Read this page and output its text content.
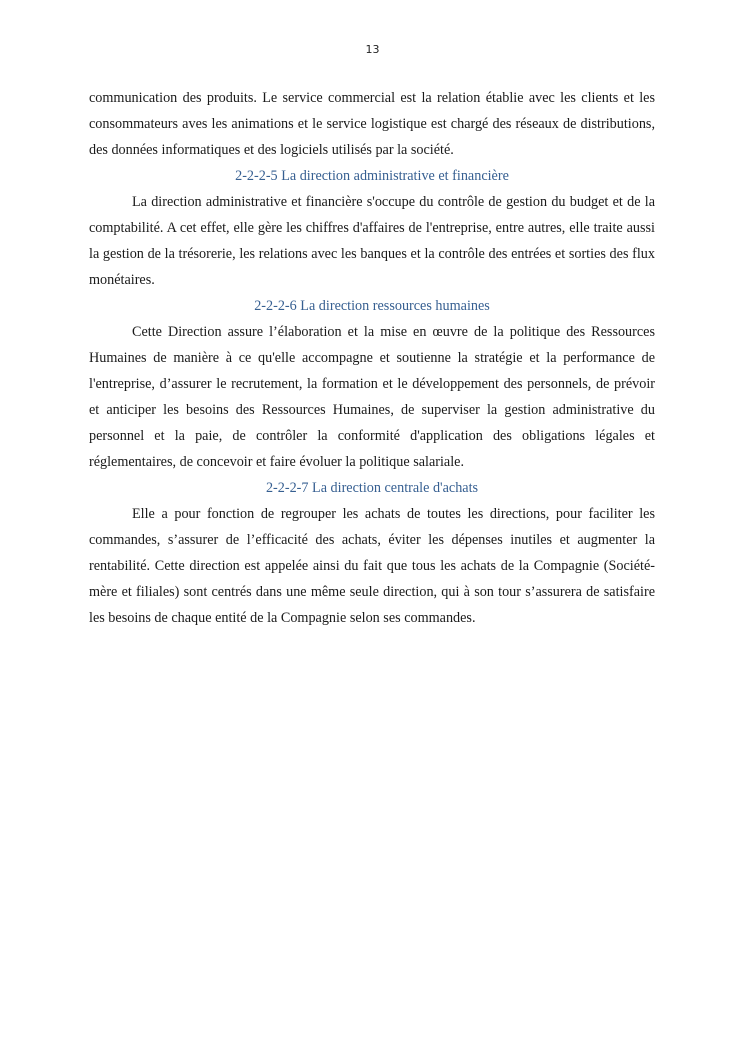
13

communication des produits. Le service commercial est la relation établie avec les clients et les consommateurs aves les animations et le service logistique est chargé des réseaux de distributions, des données informatiques et des logiciels utilisés par la société.

2-2-2-5 La direction administrative et financière

La direction administrative et financière s'occupe du contrôle de gestion du budget et de la comptabilité. A cet effet, elle gère les chiffres d'affaires de l'entreprise, entre autres, elle traite aussi la gestion de la trésorerie, les relations avec les banques et la contrôle des entrées et sorties des flux monétaires.

2-2-2-6 La direction ressources humaines

Cette Direction assure l’élaboration et la mise en œuvre de la politique des Ressources Humaines de manière à ce qu'elle accompagne et soutienne la stratégie et la performance de l'entreprise, d’assurer le recrutement, la formation et le développement des personnels, de prévoir et anticiper les besoins des Ressources Humaines, de superviser la gestion administrative du personnel et la paie, de contrôler la conformité d'application des obligations légales et réglementaires, de concevoir et faire évoluer la politique salariale.

2-2-2-7 La direction centrale d'achats

Elle a pour fonction de regrouper les achats de toutes les directions, pour faciliter les commandes, s’assurer de l’efficacité des achats, éviter les dépenses inutiles et augmenter la rentabilité. Cette direction est appelée ainsi du fait que tous les achats de la Compagnie (Société-mère et filiales) sont centrés dans une même seule direction, qui à son tour s’assurera de satisfaire les besoins de chaque entité de la Compagnie selon ses commandes.
